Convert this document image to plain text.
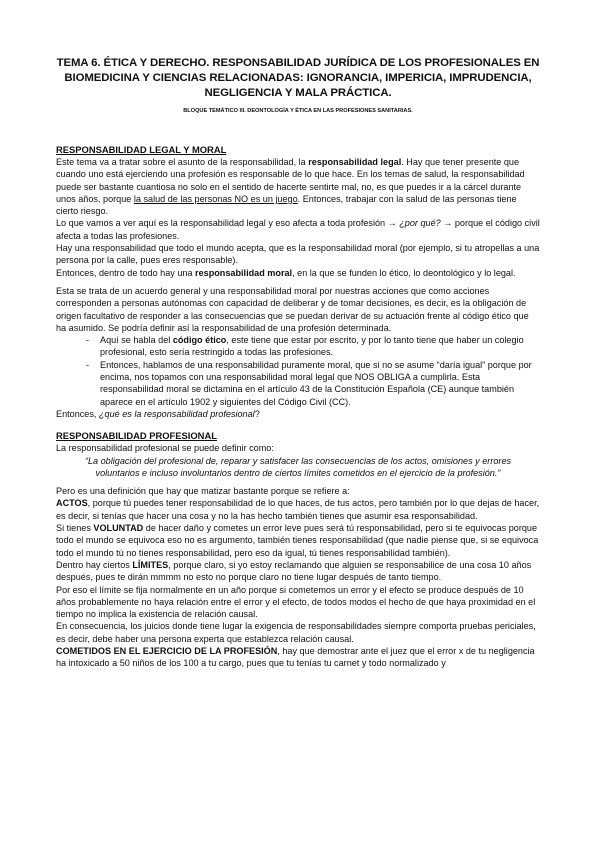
TEMA 6. ÉTICA Y DERECHO. RESPONSABILIDAD JURÍDICA DE LOS PROFESIONALES EN
BIOMEDICINA Y CIENCIAS RELACIONADAS: IGNORANCIA, IMPERICIA, IMPRUDENCIA,
NEGLIGENCIA Y MALA PRÁCTICA.
BLOQUE TEMÁTICO III. DEONTOLOGÍA Y ÉTICA EN LAS PROFESIONES SANITARIAS.
RESPONSABILIDAD LEGAL Y MORAL

Este tema va a tratar sobre el asunto de la responsabilidad, la responsabilidad legal. Hay que tener presente que cuando uno está ejerciendo una profesión es responsable de lo que hace. En los temas de salud, la responsabilidad puede ser bastante cuantiosa no solo en el sentido de hacerte sentirte mal, no, es que puedes ir a la cárcel durante unos años, porque la salud de las personas NO es un juego. Entonces, trabajar con la salud de las personas tiene cierto riesgo.

Lo que vamos a ver aquí es la responsabilidad legal y eso afecta a toda profesión → ¿por qué? → porque el código civil afecta a todas las profesiones.

Hay una responsabilidad que todo el mundo acepta, que es la responsabilidad moral (por ejemplo, si tu atropellas a una persona por la calle, pues eres responsable).

Entonces, dentro de todo hay una responsabilidad moral, en la que se funden lo ético, lo deontológico y lo legal.

Esta se trata de un acuerdo general y una responsabilidad moral por nuestras acciones que como acciones corresponden a personas autónomas con capacidad de deliberar y de tomar decisiones, es decir, es la obligación de origen facultativo de responder a las consecuencias que se puedan derivar de su actuación frente al código ético que ha asumido. Se podría definir así la responsabilidad de una profesión determinada.

- Aquí se habla del código ético, este tiene que estar por escrito, y por lo tanto tiene que haber un colegio profesional, esto sería restringido a todas las profesiones.
- Entonces, hablamos de una responsabilidad puramente moral, que si no se asume “daría igual” porque por encima, nos topamos con una responsabilidad moral legal que NOS OBLIGA a cumplirla. Esta responsabilidad moral se dictamina en el artículo 43 de la Constitución Española (CE) aunque también aparece en el artículo 1902 y siguientes del Código Civil (CC).

Entonces, ¿qué es la responsabilidad profesional?

RESPONSABILIDAD PROFESIONAL

La responsabilidad profesional se puede definir como:

“La obligación del profesional de, reparar y satisfacer las consecuencias de los actos, omisiones y errores voluntarios e incluso involuntarios dentro de ciertos límites cometidos en el ejercicio de la profesión.”

Pero es una definición que hay que matizar bastante porque se refiere a:

ACTOS, porque tú puedes tener responsabilidad de lo que haces, de tus actos, pero también por lo que dejas de hacer, es decir, si tenías que hacer una cosa y no la has hecho también tienes que asumir esa responsabilidad.

Si tienes VOLUNTAD de hacer daño y cometes un error leve pues será tú responsabilidad, pero si te equivocas porque todo el mundo se equivoca eso no es argumento, también tienes responsabilidad (que nadie piense que, si se equivoca todo el mundo tú no tienes responsabilidad, pero eso da igual, tú tienes responsabilidad también).

Dentro hay ciertos LÍMITES, porque claro, si yo estoy reclamando que alguien se responsabilice de una cosa 10 años después, pues te dirán mmmm no esto no porque claro no tiene lugar después de tanto tiempo.

Por eso el límite se fija normalmente en un año porque si cometemos un error y el efecto se produce después de 10 años probablemente no haya relación entre el error y el efecto, de todos modos el hecho de que haya proximidad en el tiempo no implica la existencia de relación causal.

En consecuencia, los juicios donde tiene lugar la exigencia de responsabilidades siempre comporta pruebas periciales, es decir, debe haber una persona experta que establezca relación causal.

COMETIDOS EN EL EJERCICIO DE LA PROFESIÓN, hay que demostrar ante el juez que el error x de tu negligencia ha intoxicado a 50 niños de los 100 a tu cargo, pues que tu tenías tu carnet y todo normalizado y
